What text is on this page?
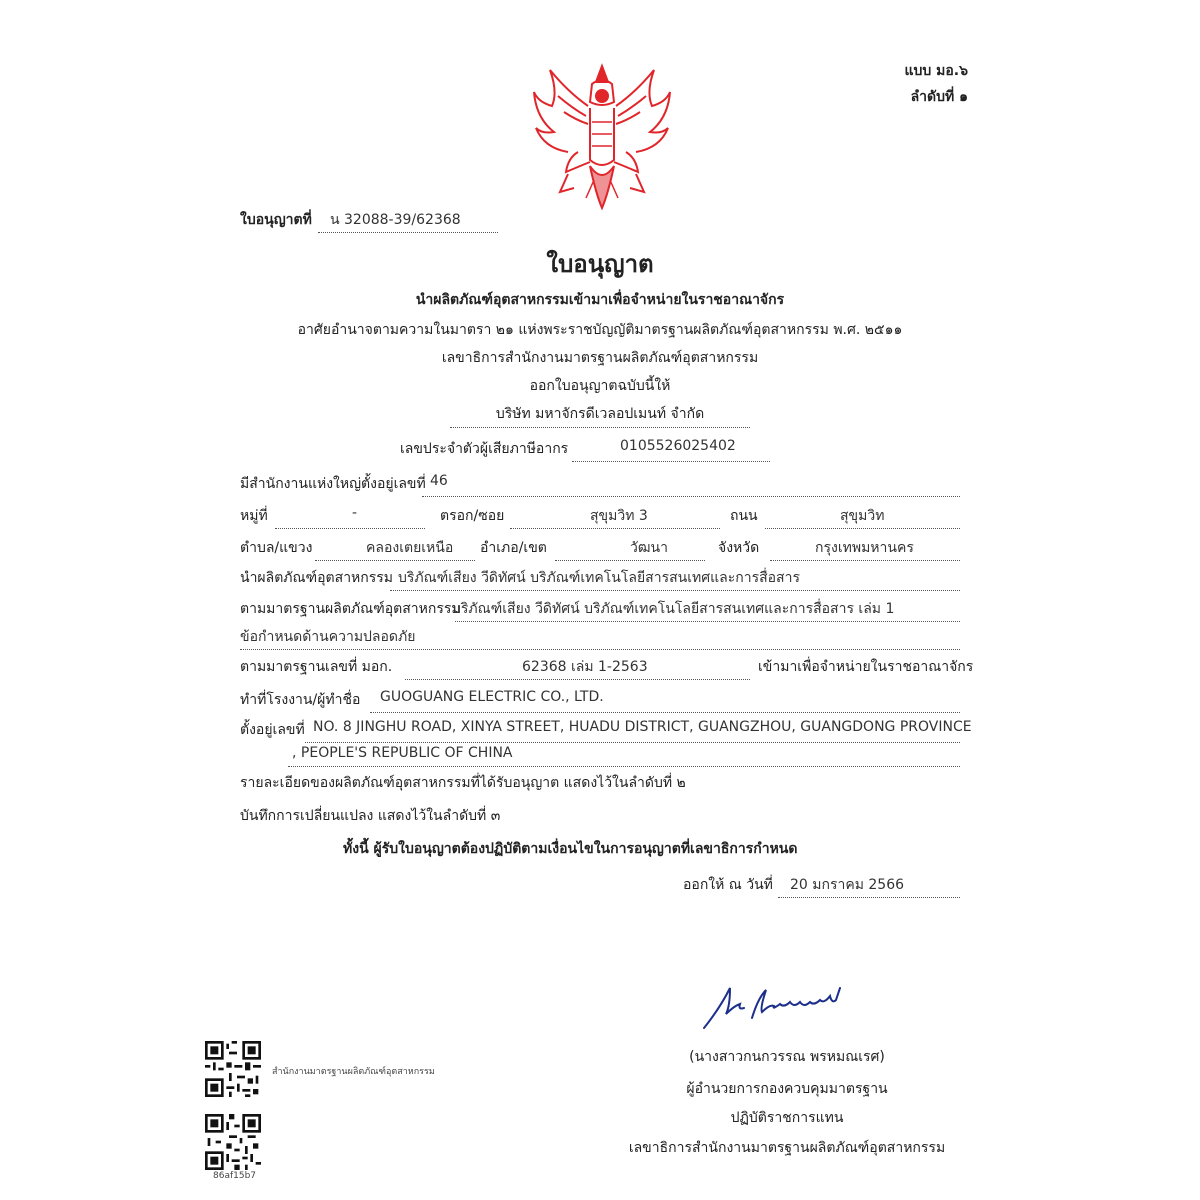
แบบ มอ.๖
ลำดับที่ ๑
ใบอนุญาตที่ น 32088-39/62368
ใบอนุญาต
นำผลิตภัณฑ์อุตสาหกรรมเข้ามาเพื่อจำหน่ายในราชอาณาจักร
อาศัยอำนาจตามความในมาตรา ๒๑ แห่งพระราชบัญญัติมาตรฐานผลิตภัณฑ์อุตสาหกรรม พ.ศ. ๒๕๑๑
เลขาธิการสำนักงานมาตรฐานผลิตภัณฑ์อุตสาหกรรม
ออกใบอนุญาตฉบับนี้ให้
บริษัท มหาจักรดีเวลอปเมนท์ จำกัด
เลขประจำตัวผู้เสียภาษีอากร	0105526025402
มีสำนักงานแห่งใหญ่ตั้งอยู่เลขที่ 46
หมู่ที่	-	ตรอก/ซอย	สุขุมวิท 3	ถนน	สุขุมวิท
ตำบล/แขวง	คลองเตยเหนือ อำเภอ/เขต	วัฒนา	จังหวัด	กรุงเทพมหานคร
นำผลิตภัณฑ์อุตสาหกรรม บริภัณฑ์เสียง วีดิทัศน์ บริภัณฑ์เทคโนโลยีสารสนเทศและการสื่อสาร
ตามมาตรฐานผลิตภัณฑ์อุตสาหกรรม
บริภัณฑ์เสียง วีดิทัศน์ บริภัณฑ์เทคโนโลยีสารสนเทศและการสื่อสาร เล่ม 1
ข้อกำหนดด้านความปลอดภัย
ตามมาตรฐานเลขที่ มอก.	62368 เล่ม 1-2563	เข้ามาเพื่อจำหน่ายในราชอาณาจักร
ทำที่โรงงาน/ผู้ทำชื่อ GUOGUANG ELECTRIC CO., LTD.
ตั้งอยู่เลขที่ NO. 8 JINGHU ROAD, XINYA STREET, HUADU DISTRICT, GUANGZHOU, GUANGDONG PROVINCE
, PEOPLE'S REPUBLIC OF CHINA
รายละเอียดของผลิตภัณฑ์อุตสาหกรรมที่ได้รับอนุญาต แสดงไว้ในลำดับที่ ๒
บันทึกการเปลี่ยนแปลง แสดงไว้ในลำดับที่ ๓
ทั้งนี้ ผู้รับใบอนุญาตต้องปฏิบัติตามเงื่อนไขในการอนุญาตที่เลขาธิการกำหนด
ออกให้ ณ วันที่ 20 มกราคม 2566
(นางสาวกนกวรรณ พรหมณเรศ)
ผู้อำนวยการกองควบคุมมาตรฐาน
ปฏิบัติราชการแทน
เลขาธิการสำนักงานมาตรฐานผลิตภัณฑ์อุตสาหกรรม
สำนักงานมาตรฐานผลิตภัณฑ์อุตสาหกรรม
86af15b7
